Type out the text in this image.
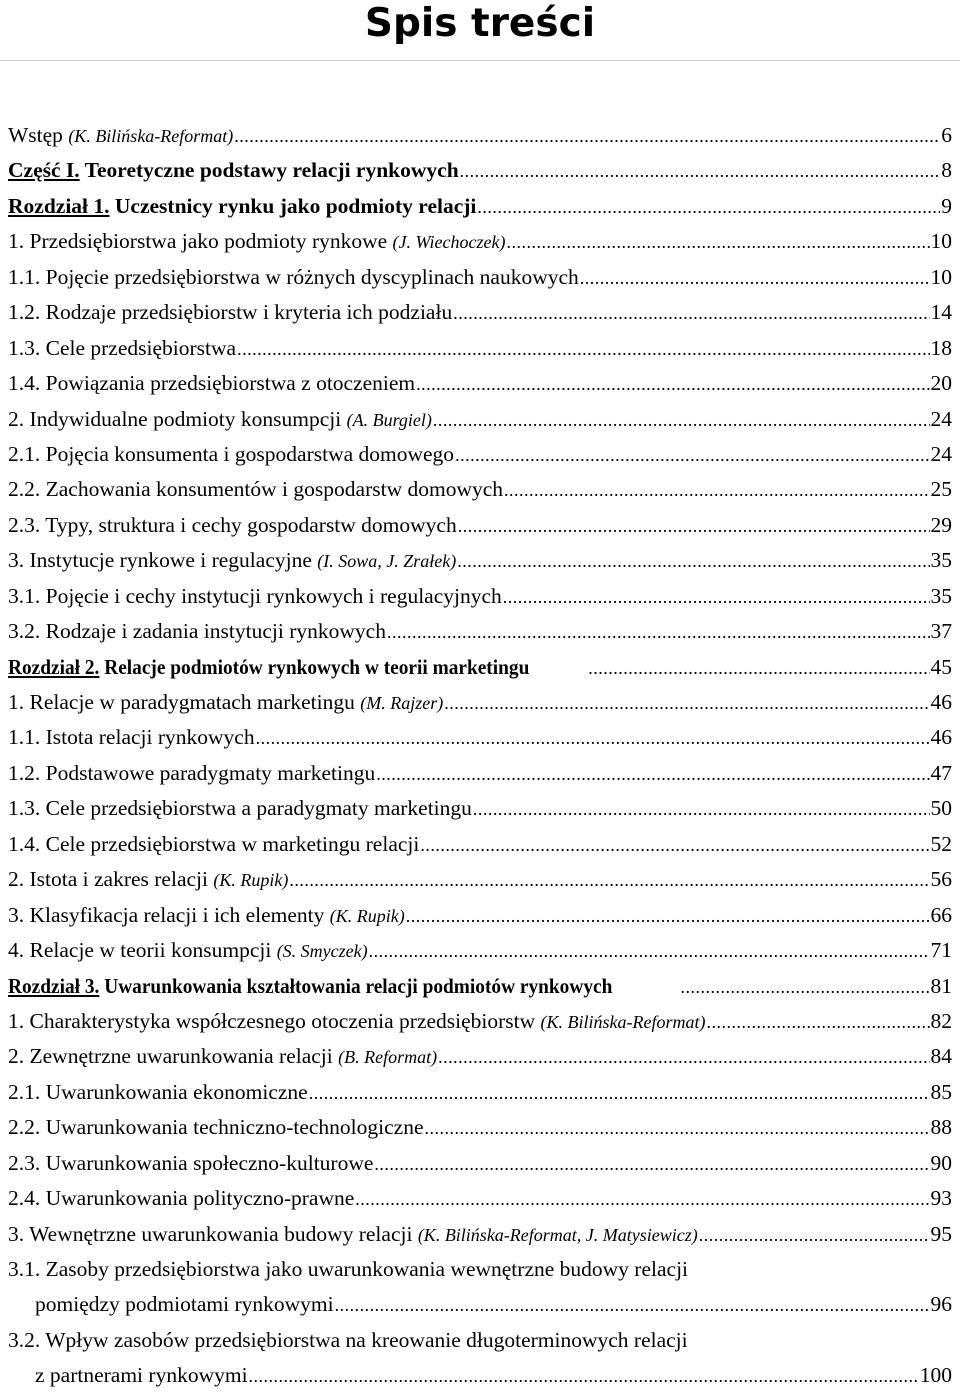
Spis treści
Wstęp (K. Bilińska-Reformat) .....	6
Część I. Teoretyczne podstawy relacji rynkowych .....	8
Rozdział 1. Uczestnicy rynku jako podmioty relacji .....	9
1. Przedsiębiorstwa jako podmioty rynkowe (J. Wiechoczek) .....	10
1.1. Pojęcie przedsiębiorstwa w różnych dyscyplinach naukowych .....	10
1.2. Rodzaje przedsiębiorstw i kryteria ich podziału .....	14
1.3. Cele przedsiębiorstwa .....	18
1.4. Powiązania przedsiębiorstwa z otoczeniem .....	20
2. Indywidualne podmioty konsumpcji (A. Burgiel) .....	24
2.1. Pojęcia konsumenta i gospodarstwa domowego .....	24
2.2. Zachowania konsumentów i gospodarstw domowych .....	25
2.3. Typy, struktura i cechy gospodarstw domowych .....	29
3. Instytucje rynkowe i regulacyjne (I. Sowa, J. Zrałek) .....	35
3.1. Pojęcie i cechy instytucji rynkowych i regulacyjnych .....	35
3.2. Rodzaje i zadania instytucji rynkowych .....	37
Rozdział 2. Relacje podmiotów rynkowych w teorii marketingu .....	45
1. Relacje w paradygmatach marketingu (M. Rajzer) .....	46
1.1. Istota relacji rynkowych .....	46
1.2. Podstawowe paradygmaty marketingu .....	47
1.3. Cele przedsiębiorstwa a paradygmaty marketingu .....	50
1.4. Cele przedsiębiorstwa w marketingu relacji .....	52
2. Istota i zakres relacji (K. Rupik) .....	56
3. Klasyfikacja relacji i ich elementy (K. Rupik) .....	66
4. Relacje w teorii konsumpcji (S. Smyczek) .....	71
Rozdział 3. Uwarunkowania kształtowania relacji podmiotów rynkowych .....	81
1. Charakterystyka współczesnego otoczenia przedsiębiorstw (K. Bilińska-Reformat) .....	82
2. Zewnętrzne uwarunkowania relacji (B. Reformat) .....	84
2.1. Uwarunkowania ekonomiczne .....	85
2.2. Uwarunkowania techniczno-technologiczne .....	88
2.3. Uwarunkowania społeczno-kulturowe .....	90
2.4. Uwarunkowania polityczno-prawne .....	93
3. Wewnętrzne uwarunkowania budowy relacji (K. Bilińska-Reformat, J. Matysiewicz) .....	95
3.1. Zasoby przedsiębiorstwa jako uwarunkowania wewnętrzne budowy relacji
pomiędzy podmiotami rynkowymi .....	96
3.2. Wpływ zasobów przedsiębiorstwa na kreowanie długoterminowych relacji
z partnerami rynkowymi .....	100
